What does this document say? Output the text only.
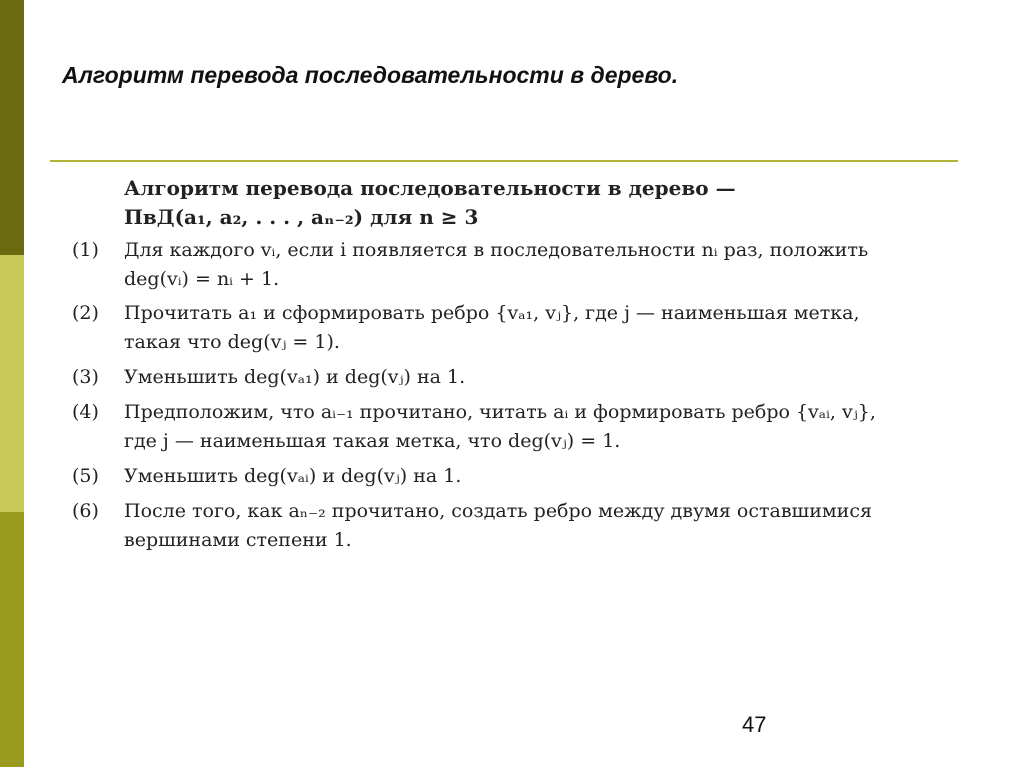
Алгоритм перевода последовательности в дерево.
Алгоритм перевода последовательности в дерево —
ПвД(a₁, a₂, . . . , aₙ₋₂) для n ≥ 3
(1)	Для каждого vᵢ, если i появляется в последовательности nᵢ раз, положить
deg(vᵢ) = nᵢ + 1.
(2)	Прочитать a₁ и сформировать ребро {vₐ₁, vⱼ}, где j — наименьшая метка,
такая что deg(vⱼ = 1).
(3)	Уменьшить deg(vₐ₁) и deg(vⱼ) на 1.
(4)	Предположим, что aᵢ₋₁ прочитано, читать aᵢ и формировать ребро {vₐᵢ, vⱼ},
где j — наименьшая такая метка, что deg(vⱼ) = 1.
(5)	Уменьшить deg(vₐᵢ) и deg(vⱼ) на 1.
(6)	После того, как aₙ₋₂ прочитано, создать ребро между двумя оставшимися
вершинами степени 1.
47
